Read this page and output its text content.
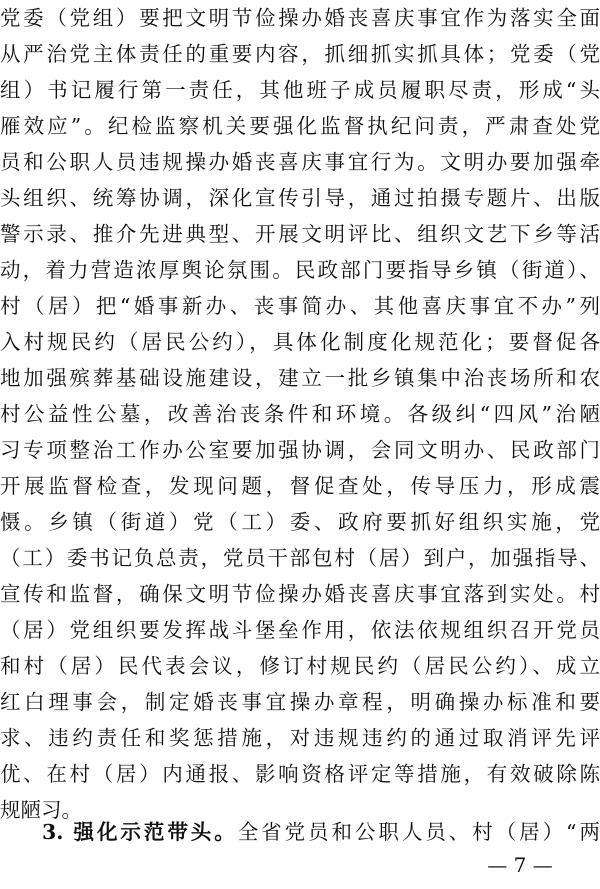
党委（党组）要把文明节俭操办婚丧喜庆事宜作为落实全面
从严治党主体责任的重要内容，抓细抓实抓具体；党委（党
组）书记履行第一责任，其他班子成员履职尽责，形成“头
雁效应”。纪检监察机关要强化监督执纪问责，严肃查处党
员和公职人员违规操办婚丧喜庆事宜行为。文明办要加强牵
头组织、统筹协调，深化宣传引导，通过拍摄专题片、出版
警示录、推介先进典型、开展文明评比、组织文艺下乡等活
动，着力营造浓厚舆论氛围。民政部门要指导乡镇（街道）、
村（居）把“婚事新办、丧事简办、其他喜庆事宜不办”列
入村规民约（居民公约），具体化制度化规范化；要督促各
地加强殡葬基础设施建设，建立一批乡镇集中治丧场所和农
村公益性公墓，改善治丧条件和环境。各级纠“四风”治陋
习专项整治工作办公室要加强协调，会同文明办、民政部门
开展监督检查，发现问题，督促查处，传导压力，形成震
慑。乡镇（街道）党（工）委、政府要抓好组织实施，党
（工）委书记负总责，党员干部包村（居）到户，加强指导、
宣传和监督，确保文明节俭操办婚丧喜庆事宜落到实处。村
（居）党组织要发挥战斗堡垒作用，依法依规组织召开党员
和村（居）民代表会议，修订村规民约（居民公约）、成立
红白理事会，制定婚丧事宜操办章程，明确操办标准和要
求、违约责任和奖惩措施，对违规违约的通过取消评先评
优、在村（居）内通报、影响资格评定等措施，有效破除陈
规陋习。
3. 强化示范带头。全省党员和公职人员、村（居）“两
— 7 —
